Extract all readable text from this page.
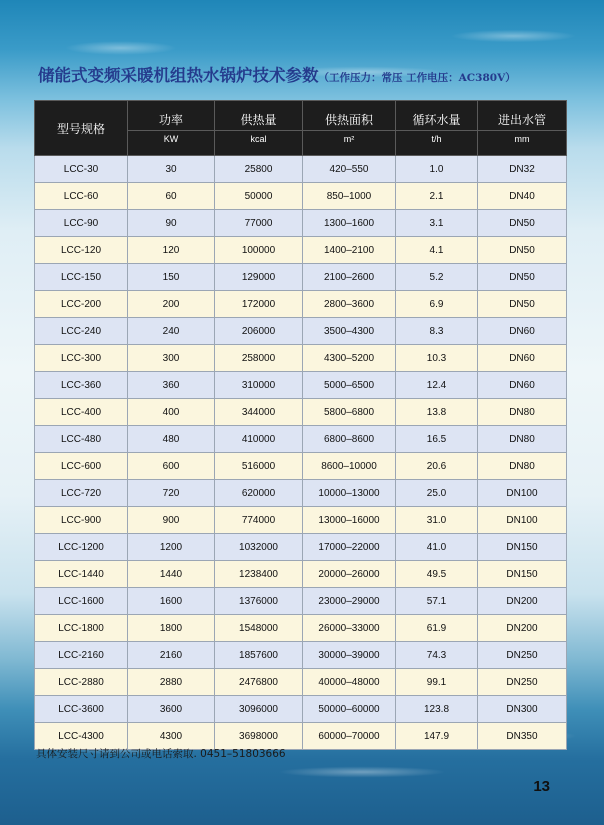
储能式变频采暖机组热水锅炉技术参数（工作压力：常压 工作电压：AC380V）
型号规格	功率	供热量	供热面积	循环水量	进出水管
	KW	kcal	m²	t/h	mm
LCC-30	30	25800	420–550	1.0	DN32
LCC-60	60	50000	850–1000	2.1	DN40
LCC-90	90	77000	1300–1600	3.1	DN50
LCC-120	120	100000	1400–2100	4.1	DN50
LCC-150	150	129000	2100–2600	5.2	DN50
LCC-200	200	172000	2800–3600	6.9	DN50
LCC-240	240	206000	3500–4300	8.3	DN60
LCC-300	300	258000	4300–5200	10.3	DN60
LCC-360	360	310000	5000–6500	12.4	DN60
LCC-400	400	344000	5800–6800	13.8	DN80
LCC-480	480	410000	6800–8600	16.5	DN80
LCC-600	600	516000	8600–10000	20.6	DN80
LCC-720	720	620000	10000–13000	25.0	DN100
LCC-900	900	774000	13000–16000	31.0	DN100
LCC-1200	1200	1032000	17000–22000	41.0	DN150
LCC-1440	1440	1238400	20000–26000	49.5	DN150
LCC-1600	1600	1376000	23000–29000	57.1	DN200
LCC-1800	1800	1548000	26000–33000	61.9	DN200
LCC-2160	2160	1857600	30000–39000	74.3	DN250
LCC-2880	2880	2476800	40000–48000	99.1	DN250
LCC-3600	3600	3096000	50000–60000	123.8	DN300
LCC-4300	4300	3698000	60000–70000	147.9	DN350
具体安装尺寸请到公司或电话索取. 0451–51803666
13
